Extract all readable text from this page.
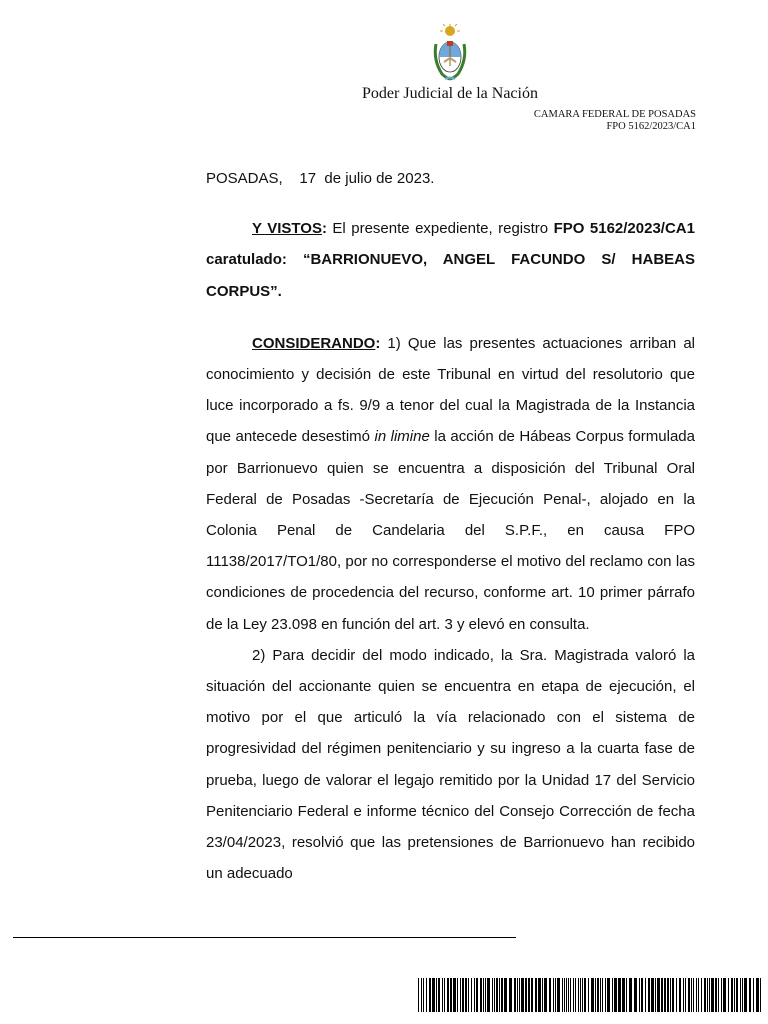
Poder Judicial de la Nación
CAMARA FEDERAL DE POSADAS
FPO 5162/2023/CA1

POSADAS,    17  de julio de 2023.

Y VISTOS: El presente expediente, registro FPO 5162/2023/CA1 caratulado: “BARRIONUEVO, ANGEL FACUNDO S/ HABEAS CORPUS”.

CONSIDERANDO: 1) Que las presentes actuaciones arriban al conocimiento y decisión de este Tribunal en virtud del resolutorio que luce incorporado a fs. 9/9 a tenor del cual la Magistrada de la Instancia que antecede desestimó in limine la acción de Hábeas Corpus formulada por Barrionuevo quien se encuentra a disposición del Tribunal Oral Federal de Posadas -Secretaría de Ejecución Penal-, alojado en la Colonia Penal de Candelaria del S.P.F., en causa FPO 11138/2017/TO1/80, por no corresponderse el motivo del reclamo con las condiciones de procedencia del recurso, conforme art. 10 primer párrafo de la Ley 23.098 en función del art. 3 y elevó en consulta.

2) Para decidir del modo indicado, la Sra. Magistrada valoró la situación del accionante quien se encuentra en etapa de ejecución, el motivo por el que articuló la vía relacionado con el sistema de progresividad del régimen penitenciario y su ingreso a la cuarta fase de prueba, luego de valorar el legajo remitido por la Unidad 17 del Servicio Penitenciario Federal e informe técnico del Consejo Corrección de fecha 23/04/2023, resolvió que las pretensiones de Barrionuevo han recibido un adecuado
